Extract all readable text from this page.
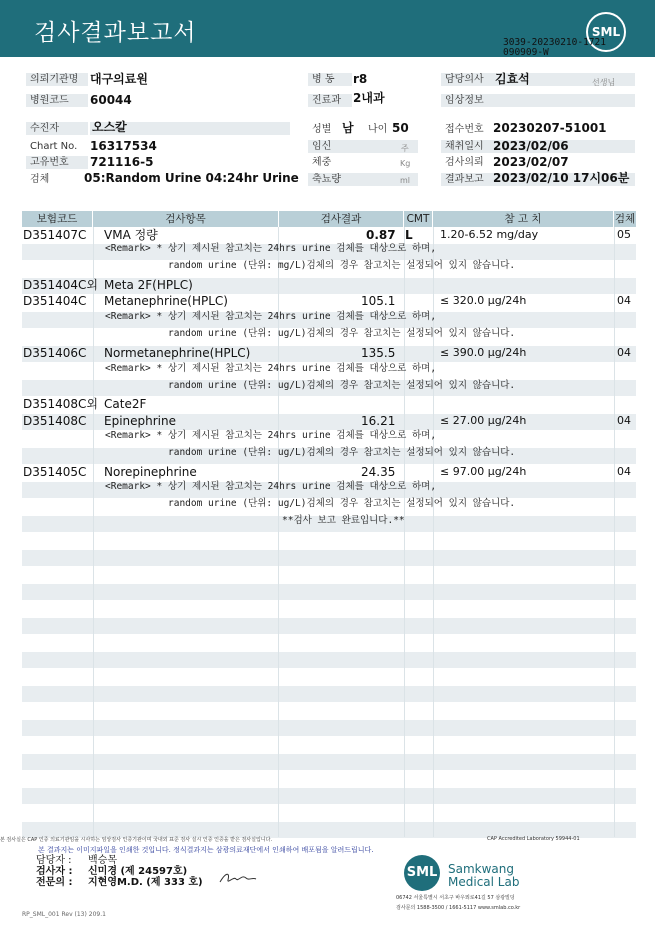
검사결과보고서	SML
3039-20230210-1721
090909-W
의뢰기관명 대구의료원
병원코드	60044
병 동	r8
진료과	2내과
담당의사 김효석	선생님
임상정보
수진자	오스칼
Chart No. 16317534
고유번호	721116-5
검체	05:Random Urine 04:24hr Urine
성별 남 나이 50
임신	주
체중	Kg
축뇨량	ml
접수번호 20230207-51001
채취일시 2023/02/06
검사의뢰 2023/02/07
결과보고 2023/02/10 17시06분
보험코드	검사항목	검사결과	CMT	참 고 치	검체
D351407C VMA 정량	0.87 L 1.20-6.52 mg/day	05
<Remark> * 상기 제시된 참고치는 24hrs urine 검체를 대상으로 하며,
random urine (단위: mg/L)검체의 경우 참고치는 설정되어 있지 않습니다.
D351404C외 Meta 2F(HPLC)
D351404C Metanephrine(HPLC)	105.1	≤ 320.0 μg/24h	04
<Remark> * 상기 제시된 참고치는 24hrs urine 검체를 대상으로 하며,
random urine (단위: ug/L)검체의 경우 참고치는 설정되어 있지 않습니다.
D351406C Normetanephrine(HPLC)	135.5	≤ 390.0 μg/24h	04
<Remark> * 상기 제시된 참고치는 24hrs urine 검체를 대상으로 하며,
random urine (단위: ug/L)검체의 경우 참고치는 설정되어 있지 않습니다.
D351408C외 Cate2F
D351408C Epinephrine	16.21	≤ 27.00 μg/24h	04
<Remark> * 상기 제시된 참고치는 24hrs urine 검체를 대상으로 하며,
random urine (단위: ug/L)검체의 경우 참고치는 설정되어 있지 않습니다.
D351405C Norepinephrine	24.35	≤ 97.00 μg/24h	04
<Remark> * 상기 제시된 참고치는 24hrs urine 검체를 대상으로 하며,
random urine (단위: ug/L)검체의 경우 참고치는 설정되어 있지 않습니다.
**검사 보고 완료입니다.**
본 검사실은 CAP 인증 의료기관임을 시사하는 임상검사 인증기관이며 국내외 표준 검사 실시 인증 인증을 받은 검사실입니다.	CAP Accredited Laboratory 59944-01
본 결과지는 이미지파일을 인쇄한 것입니다. 정식결과지는 삼광의료재단에서 인쇄하여 배포됨을 알려드립니다.
담당자 : 백승목
검사자 : 신미경 (제 24597호)
전문의 : 지현영M.D. (제 333 호)
SML Samkwang
Medical Lab
06742 서울특별시 서초구 바우뫼로41길 57 삼광빌딩
검사문의 1588-3500 / 1661-5117 www.smlab.co.kr
RP_SML_001 Rev (13) 209.1
